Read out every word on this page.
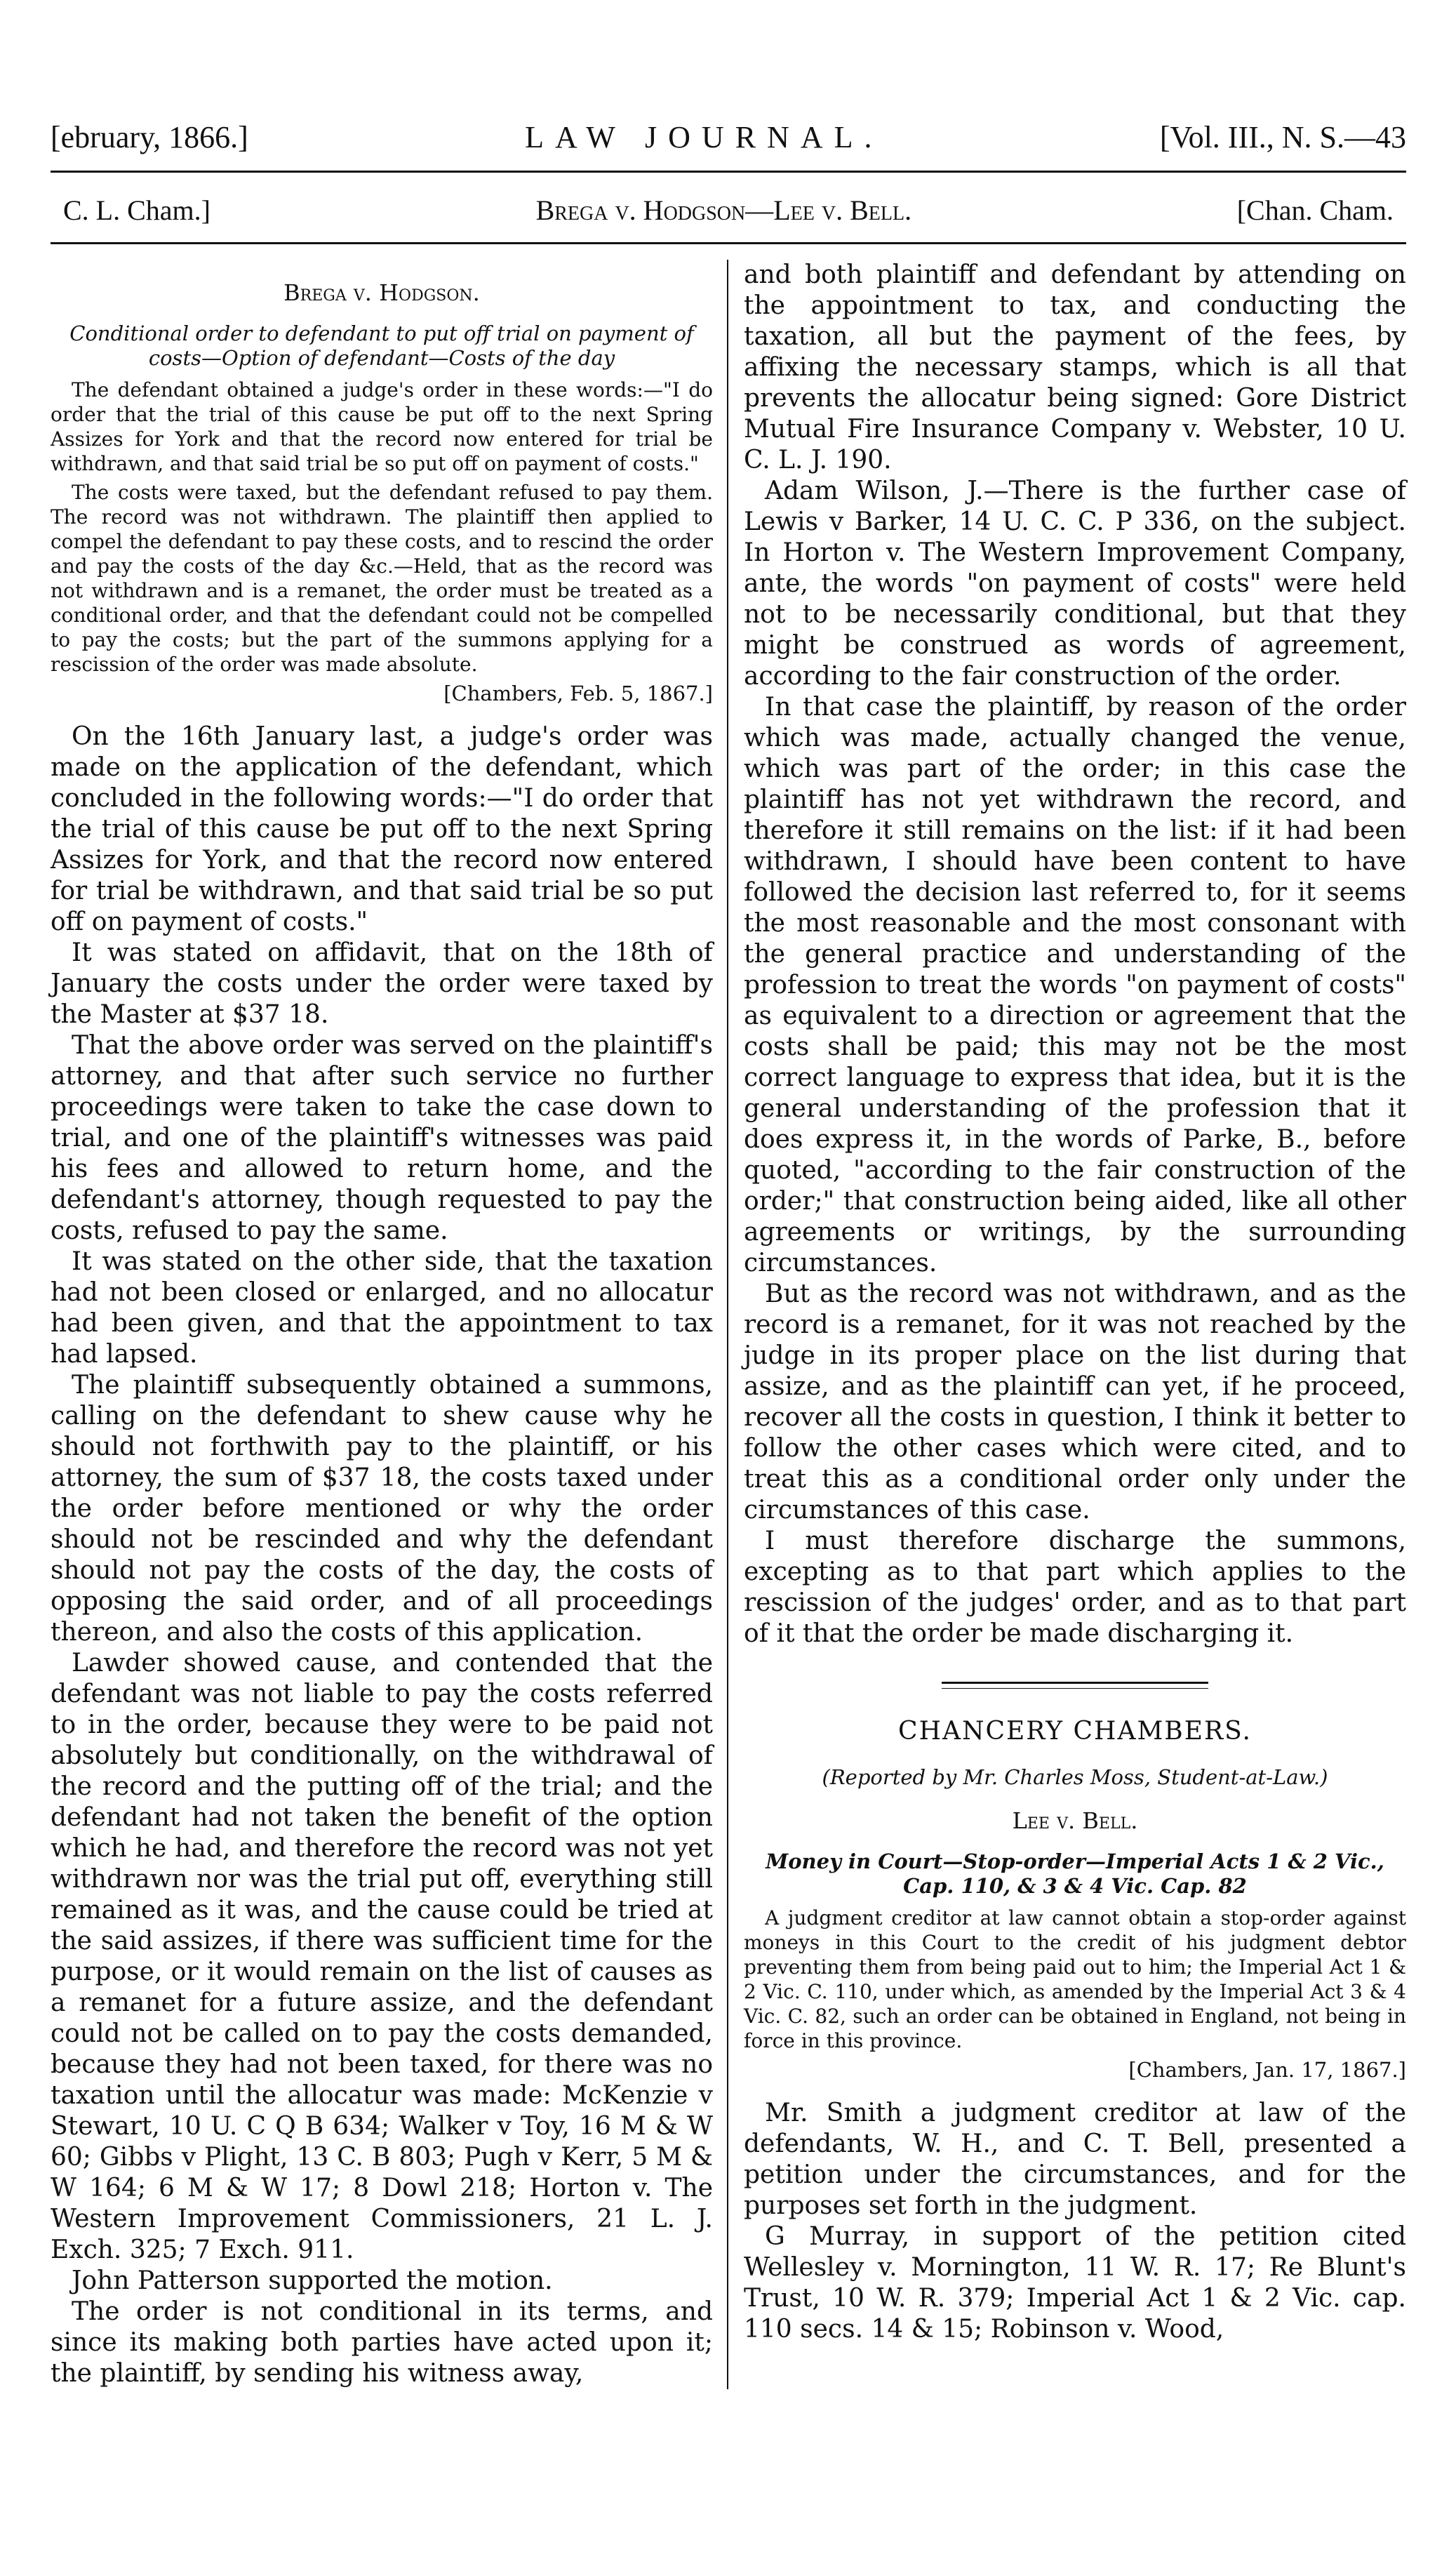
[ebruary, 1866.]	LAW JOURNAL.	[Vol. III., N. S.—43
C. L. Cham.]	Brega v. Hodgson—Lee v. Bell.	[Chan. Cham.
Brega v. Hodgson.

Conditional order to defendant to put off trial on payment of costs—Option of defendant—Costs of the day

The defendant obtained a judge's order in these words:—"I do order that the trial of this cause be put off to the next Spring Assizes for York and that the record now entered for trial be withdrawn, and that said trial be so put off on payment of costs."

The costs were taxed, but the defendant refused to pay them. The record was not withdrawn. The plaintiff then applied to compel the defendant to pay these costs, and to rescind the order and pay the costs of the day &c.—Held, that as the record was not withdrawn and is a remanet, the order must be treated as a conditional order, and that the defendant could not be compelled to pay the costs; but the part of the summons applying for a rescission of the order was made absolute.

[Chambers, Feb. 5, 1867.]

On the 16th January last, a judge's order was made on the application of the defendant, which concluded in the following words:—"I do order that the trial of this cause be put off to the next Spring Assizes for York, and that the record now entered for trial be withdrawn, and that said trial be so put off on payment of costs."

It was stated on affidavit, that on the 18th of January the costs under the order were taxed by the Master at $37 18.

That the above order was served on the plaintiff's attorney, and that after such service no further proceedings were taken to take the case down to trial, and one of the plaintiff's witnesses was paid his fees and allowed to return home, and the defendant's attorney, though requested to pay the costs, refused to pay the same.

It was stated on the other side, that the taxation had not been closed or enlarged, and no allocatur had been given, and that the appointment to tax had lapsed.

The plaintiff subsequently obtained a summons, calling on the defendant to shew cause why he should not forthwith pay to the plaintiff, or his attorney, the sum of $37 18, the costs taxed under the order before mentioned or why the order should not be rescinded and why the defendant should not pay the costs of the day, the costs of opposing the said order, and of all proceedings thereon, and also the costs of this application.

Lawder showed cause, and contended that the defendant was not liable to pay the costs referred to in the order, because they were to be paid not absolutely but conditionally, on the withdrawal of the record and the putting off of the trial; and the defendant had not taken the benefit of the option which he had, and therefore the record was not yet withdrawn nor was the trial put off, everything still remained as it was, and the cause could be tried at the said assizes, if there was sufficient time for the purpose, or it would remain on the list of causes as a remanet for a future assize, and the defendant could not be called on to pay the costs demanded, because they had not been taxed, for there was no taxation until the allocatur was made: McKenzie v Stewart, 10 U. C Q B 634; Walker v Toy, 16 M & W 60; Gibbs v Plight, 13 C. B 803; Pugh v Kerr, 5 M & W 164; 6 M & W 17; 8 Dowl 218; Horton v. The Western Improvement Commissioners, 21 L. J. Exch. 325; 7 Exch. 911.

John Patterson supported the motion.

The order is not conditional in its terms, and since its making both parties have acted upon it; the plaintiff, by sending his witness away,

and both plaintiff and defendant by attending on the appointment to tax, and conducting the taxation, all but the payment of the fees, by affixing the necessary stamps, which is all that prevents the allocatur being signed: Gore District Mutual Fire Insurance Company v. Webster, 10 U. C. L. J. 190.

Adam Wilson, J.—There is the further case of Lewis v Barker, 14 U. C. C. P 336, on the subject. In Horton v. The Western Improvement Company, ante, the words "on payment of costs" were held not to be necessarily conditional, but that they might be construed as words of agreement, according to the fair construction of the order.

In that case the plaintiff, by reason of the order which was made, actually changed the venue, which was part of the order; in this case the plaintiff has not yet withdrawn the record, and therefore it still remains on the list: if it had been withdrawn, I should have been content to have followed the decision last referred to, for it seems the most reasonable and the most consonant with the general practice and understanding of the profession to treat the words "on payment of costs" as equivalent to a direction or agreement that the costs shall be paid; this may not be the most correct language to express that idea, but it is the general understanding of the profession that it does express it, in the words of Parke, B., before quoted, "according to the fair construction of the order;" that construction being aided, like all other agreements or writings, by the surrounding circumstances.

But as the record was not withdrawn, and as the record is a remanet, for it was not reached by the judge in its proper place on the list during that assize, and as the plaintiff can yet, if he proceed, recover all the costs in question, I think it better to follow the other cases which were cited, and to treat this as a conditional order only under the circumstances of this case.

I must therefore discharge the summons, excepting as to that part which applies to the rescission of the judges' order, and as to that part of it that the order be made discharging it.

CHANCERY CHAMBERS.
(Reported by Mr. Charles Moss, Student-at-Law.)
Lee v. Bell.

Money in Court—Stop-order—Imperial Acts 1 & 2 Vic., Cap. 110, & 3 & 4 Vic. Cap. 82

A judgment creditor at law cannot obtain a stop-order against moneys in this Court to the credit of his judgment debtor preventing them from being paid out to him; the Imperial Act 1 & 2 Vic. C. 110, under which, as amended by the Imperial Act 3 & 4 Vic. C. 82, such an order can be obtained in England, not being in force in this province.

[Chambers, Jan. 17, 1867.]

Mr. Smith a judgment creditor at law of the defendants, W. H., and C. T. Bell, presented a petition under the circumstances, and for the purposes set forth in the judgment.

G Murray, in support of the petition cited Wellesley v. Mornington, 11 W. R. 17; Re Blunt's Trust, 10 W. R. 379; Imperial Act 1 & 2 Vic. cap. 110 secs. 14 & 15; Robinson v. Wood,
